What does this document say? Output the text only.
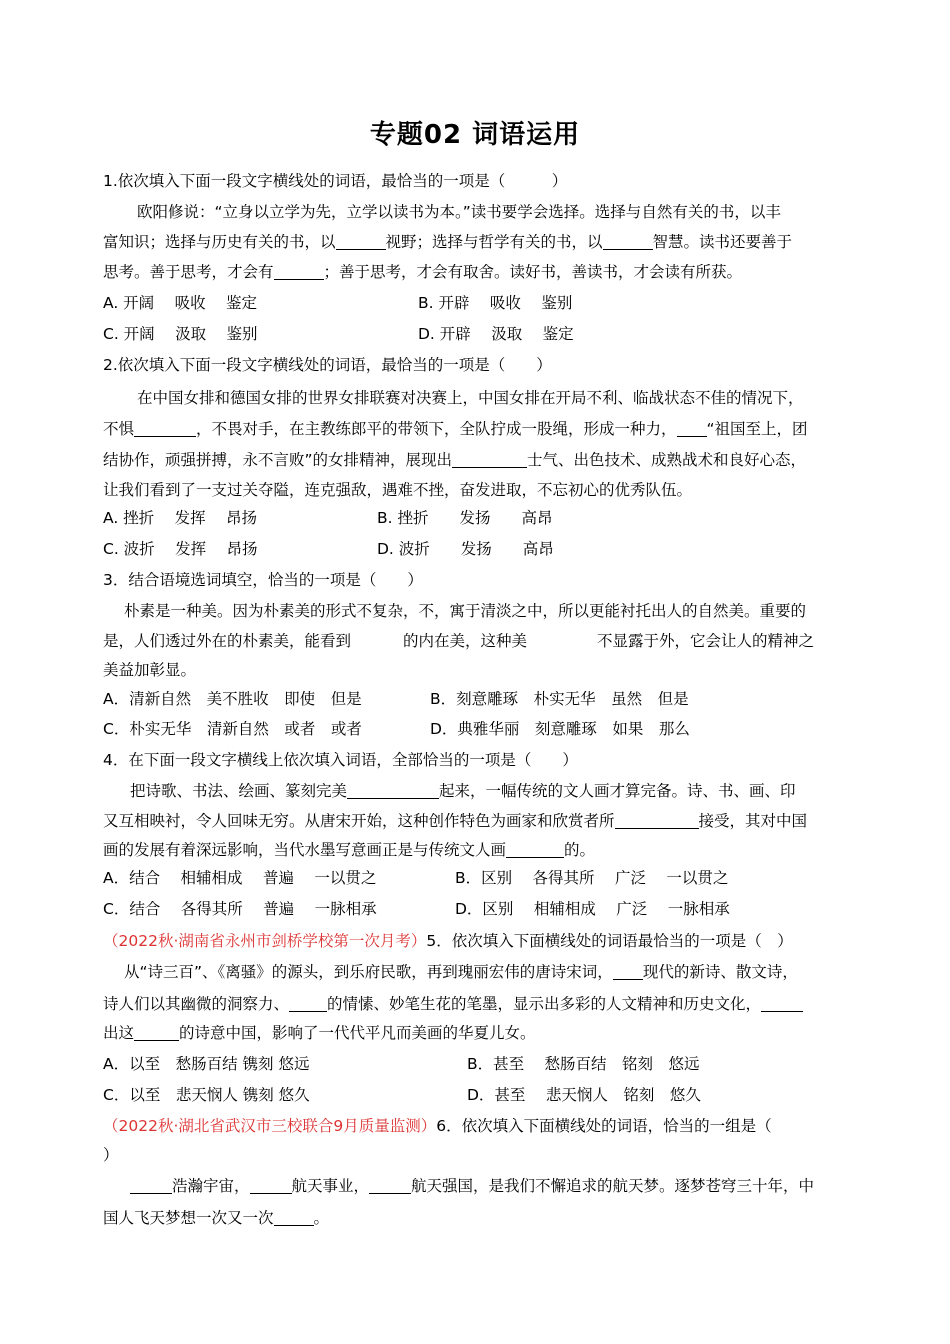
专题02 词语运用
1.依次填入下面一段文字横线处的词语，最恰当的一项是（　　　）
欧阳修说：“立身以立学为先，立学以读书为本。”读书要学会选择。选择与自然有关的书，以丰
富知识；选择与历史有关的书，以	视野；选择与哲学有关的书，以	智慧。读书还要善于
思考。善于思考，才会有	；善于思考，才会有取舍。读好书，善读书，才会读有所获。
A. 开阔　 吸收　 鉴定	B. 开辟　 吸收　 鉴别
C. 开阔　 汲取　 鉴别	D. 开辟　 汲取　 鉴定
2.依次填入下面一段文字横线处的词语，最恰当的一项是（　　）
在中国女排和德国女排的世界女排联赛对决赛上，中国女排在开局不利、临战状态不佳的情况下，
不惧	，不畏对手，在主教练郎平的带领下，全队拧成一股绳，形成一种力， “祖国至上，团
结协作，顽强拼搏，永不言败”的女排精神，展现出	士气、出色技术、成熟战术和良好心态，
让我们看到了一支过关夺隘，连克强敌，遇难不挫，奋发进取，不忘初心的优秀队伍。
A. 挫折　 发挥　 昂扬	B. 挫折　　发扬　　高昂
C. 波折　 发挥　 昂扬	D. 波折　　发扬　　高昂
3．结合语境选词填空，恰当的一项是（　　）
朴素是一种美。因为朴素美的形式不复杂，不，寓于清淡之中，所以更能衬托出人的自然美。重要的
是，人们透过外在的朴素美，能看到	的内在美，这种美	不显露于外，它会让人的精神之
美益加彰显。
A．清新自然　美不胜收　即使　但是	B．刻意雕琢　朴实无华　虽然　但是
C．朴实无华　清新自然　或者　或者	D．典雅华丽　刻意雕琢　如果　那么
4．在下面一段文字横线上依次填入词语，全部恰当的一项是（　　）
把诗歌、书法、绘画、篆刻完美	起来，一幅传统的文人画才算完备。诗、书、画、印
又互相映衬，令人回味无穷。从唐宋开始，这种创作特色为画家和欣赏者所	接受，其对中国
画的发展有着深远影响，当代水墨写意画正是与传统文人画	的。
A．结合　 相辅相成　 普遍　 一以贯之	B．区别　 各得其所　 广泛　 一以贯之
C．结合　 各得其所　 普遍　 一脉相承	D．区别　 相辅相成　 广泛　 一脉相承
（2022秋·湖南省永州市剑桥学校第一次月考）5．依次填入下面横线处的词语最恰当的一项是（　）
从“诗三百”、《离骚》的源头，到乐府民歌，再到瑰丽宏伟的唐诗宋词， 现代的新诗、散文诗，
诗人们以其幽微的洞察力、 的情愫、妙笔生花的笔墨，显示出多彩的人文精神和历史文化，
出这	的诗意中国，影响了一代代平凡而美画的华夏儿女。
A．以至　愁肠百结 镌刻 悠远	B．甚至　 愁肠百结　铭刻　悠远
C．以至　悲天悯人 镌刻 悠久	D．甚至　 悲天悯人　铭刻　悠久
（2022秋·湖北省武汉市三校联合9月质量监测）6．依次填入下面横线处的词语，恰当的一组是（
）
浩瀚宇宙，	航天事业，	航天强国，是我们不懈追求的航天梦。逐梦苍穹三十年，中
国人飞天梦想一次又一次	。
